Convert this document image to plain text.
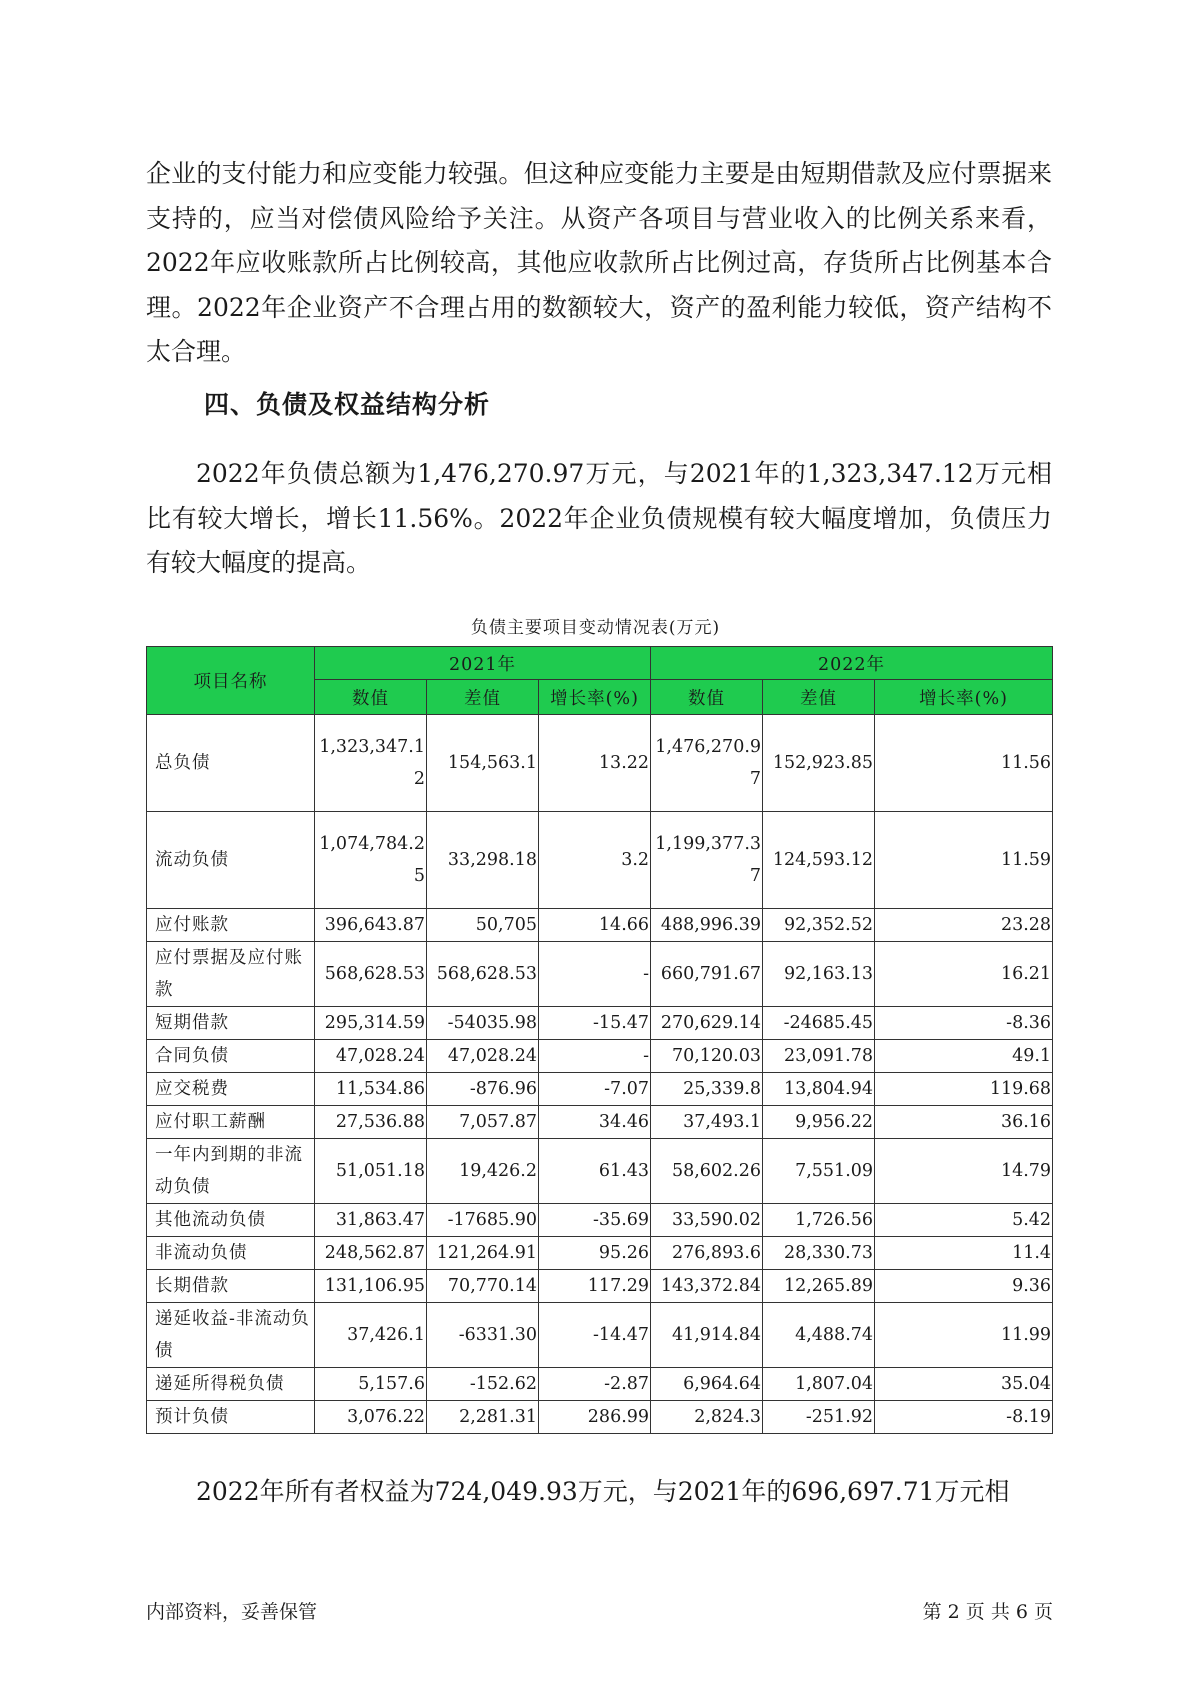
企业的支付能力和应变能力较强。但这种应变能力主要是由短期借款及应付票据来支持的，应当对偿债风险给予关注。从资产各项目与营业收入的比例关系来看，2022年应收账款所占比例较高，其他应收款所占比例过高，存货所占比例基本合理。2022年企业资产不合理占用的数额较大，资产的盈利能力较低，资产结构不太合理。
四、负债及权益结构分析
2022年负债总额为1,476,270.97万元，与2021年的1,323,347.12万元相比有较大增长，增长11.56%。2022年企业负债规模有较大幅度增加，负债压力有较大幅度的提高。
负债主要项目变动情况表(万元)
项目名称	2021年			2022年		
	数值	差值	增长率(%)	数值	差值	增长率(%)
总负债	1,323,347.12	154,563.1	13.22	1,476,270.97	152,923.85	11.56
流动负债	1,074,784.25	33,298.18	3.2	1,199,377.37	124,593.12	11.59
应付账款	396,643.87	50,705	14.66	488,996.39	92,352.52	23.28
应付票据及应付账款	568,628.53	568,628.53	-	660,791.67	92,163.13	16.21
短期借款	295,314.59	-54035.98	-15.47	270,629.14	-24685.45	-8.36
合同负债	47,028.24	47,028.24	-	70,120.03	23,091.78	49.1
应交税费	11,534.86	-876.96	-7.07	25,339.8	13,804.94	119.68
应付职工薪酬	27,536.88	7,057.87	34.46	37,493.1	9,956.22	36.16
一年内到期的非流动负债	51,051.18	19,426.2	61.43	58,602.26	7,551.09	14.79
其他流动负债	31,863.47	-17685.90	-35.69	33,590.02	1,726.56	5.42
非流动负债	248,562.87	121,264.91	95.26	276,893.6	28,330.73	11.4
长期借款	131,106.95	70,770.14	117.29	143,372.84	12,265.89	9.36
递延收益-非流动负债	37,426.1	-6331.30	-14.47	41,914.84	4,488.74	11.99
递延所得税负债	5,157.6	-152.62	-2.87	6,964.64	1,807.04	35.04
预计负债	3,076.22	2,281.31	286.99	2,824.3	-251.92	-8.19
2022年所有者权益为724,049.93万元，与2021年的696,697.71万元相
内部资料，妥善保管	第 2 页 共 6 页
